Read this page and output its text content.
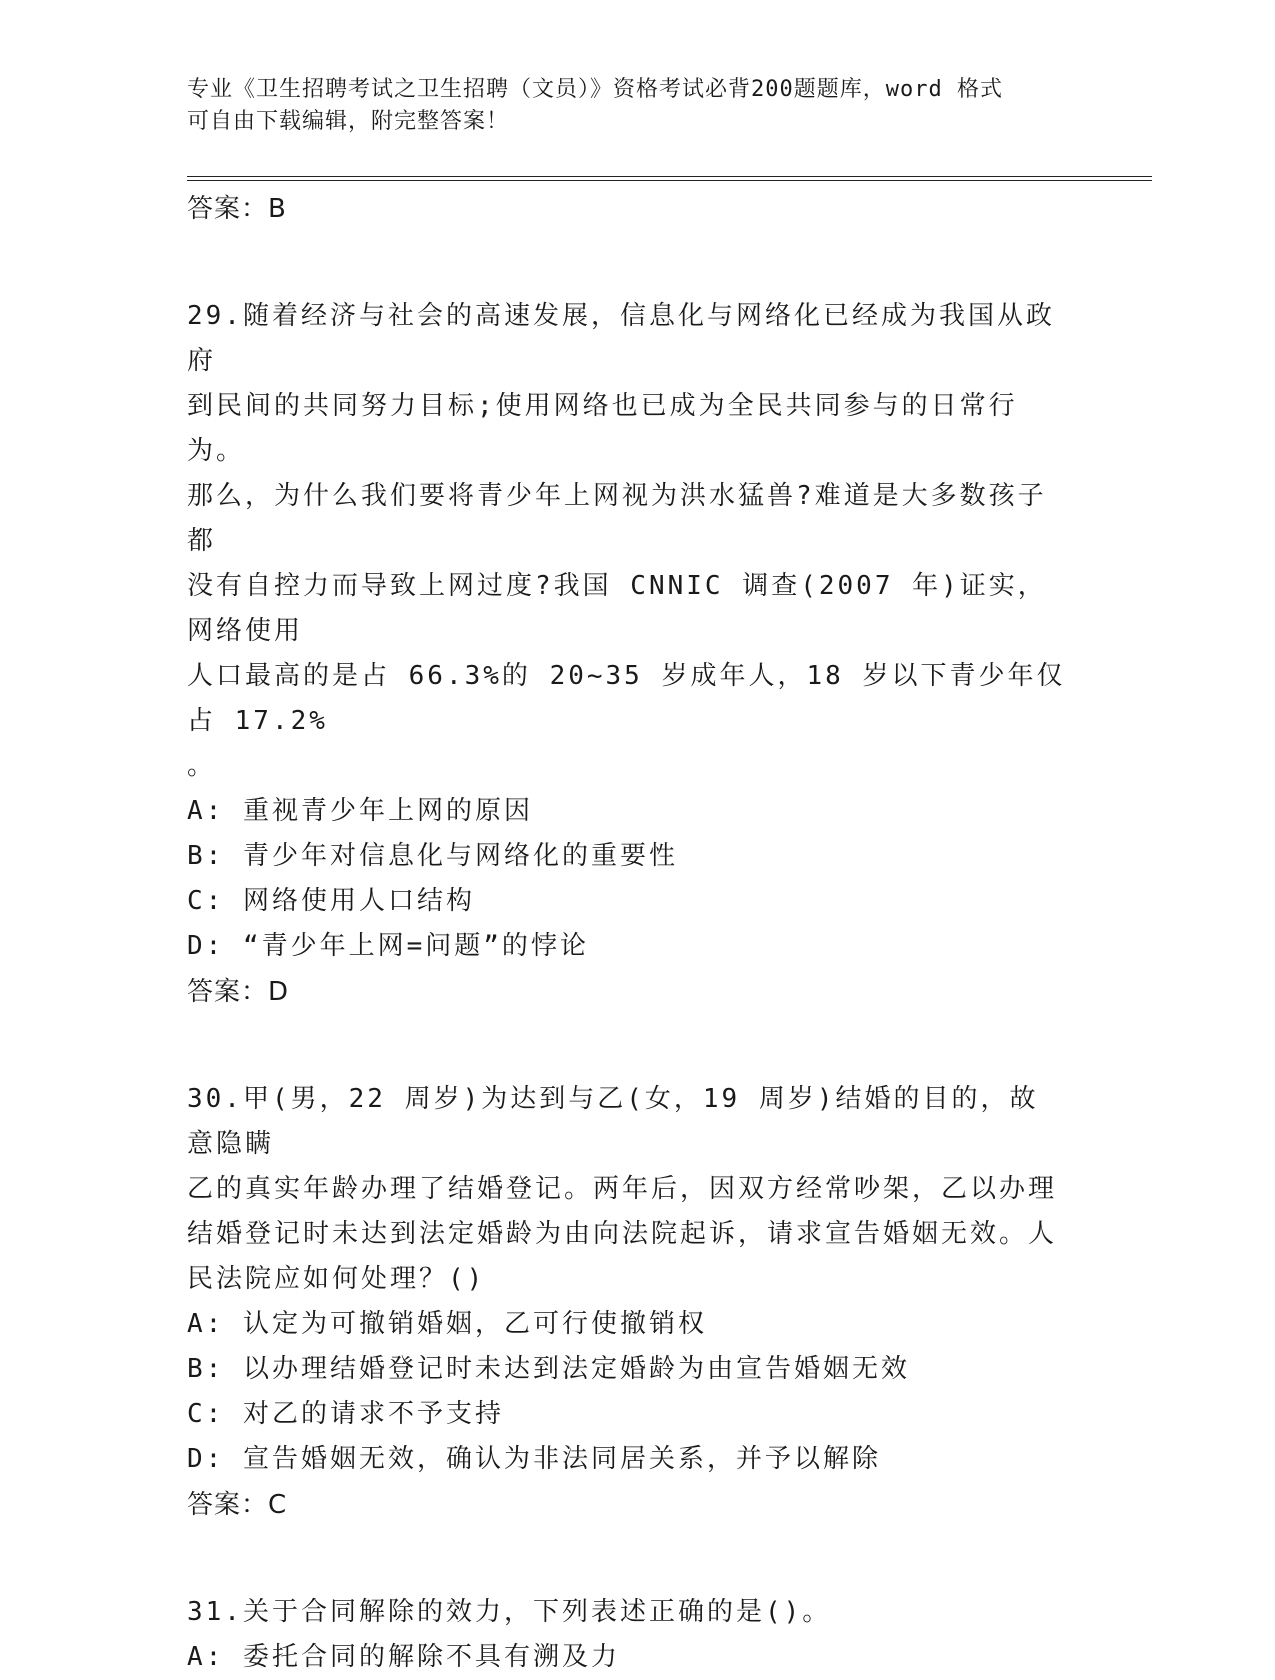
专业《卫生招聘考试之卫生招聘（文员）》资格考试必背200题题库，word 格式
可自由下载编辑，附完整答案！
答案：B
29.随着经济与社会的高速发展，信息化与网络化已经成为我国从政府
到民间的共同努力目标;使用网络也已成为全民共同参与的日常行为。
那么，为什么我们要将青少年上网视为洪水猛兽?难道是大多数孩子都
没有自控力而导致上网过度?我国 CNNIC 调查(2007 年)证实，网络使用
人口最高的是占 66.3%的 20~35 岁成年人，18 岁以下青少年仅占 17.2%
。
A: 重视青少年上网的原因
B: 青少年对信息化与网络化的重要性
C: 网络使用人口结构
D: “青少年上网=问题”的悖论
答案：D
30.甲(男，22 周岁)为达到与乙(女，19 周岁)结婚的目的，故意隐瞒
乙的真实年龄办理了结婚登记。两年后，因双方经常吵架，乙以办理
结婚登记时未达到法定婚龄为由向法院起诉，请求宣告婚姻无效。人
民法院应如何处理？()
A: 认定为可撤销婚姻，乙可行使撤销权
B: 以办理结婚登记时未达到法定婚龄为由宣告婚姻无效
C: 对乙的请求不予支持
D: 宣告婚姻无效，确认为非法同居关系，并予以解除
答案：C
31.关于合同解除的效力，下列表述正确的是()。
A: 委托合同的解除不具有溯及力
